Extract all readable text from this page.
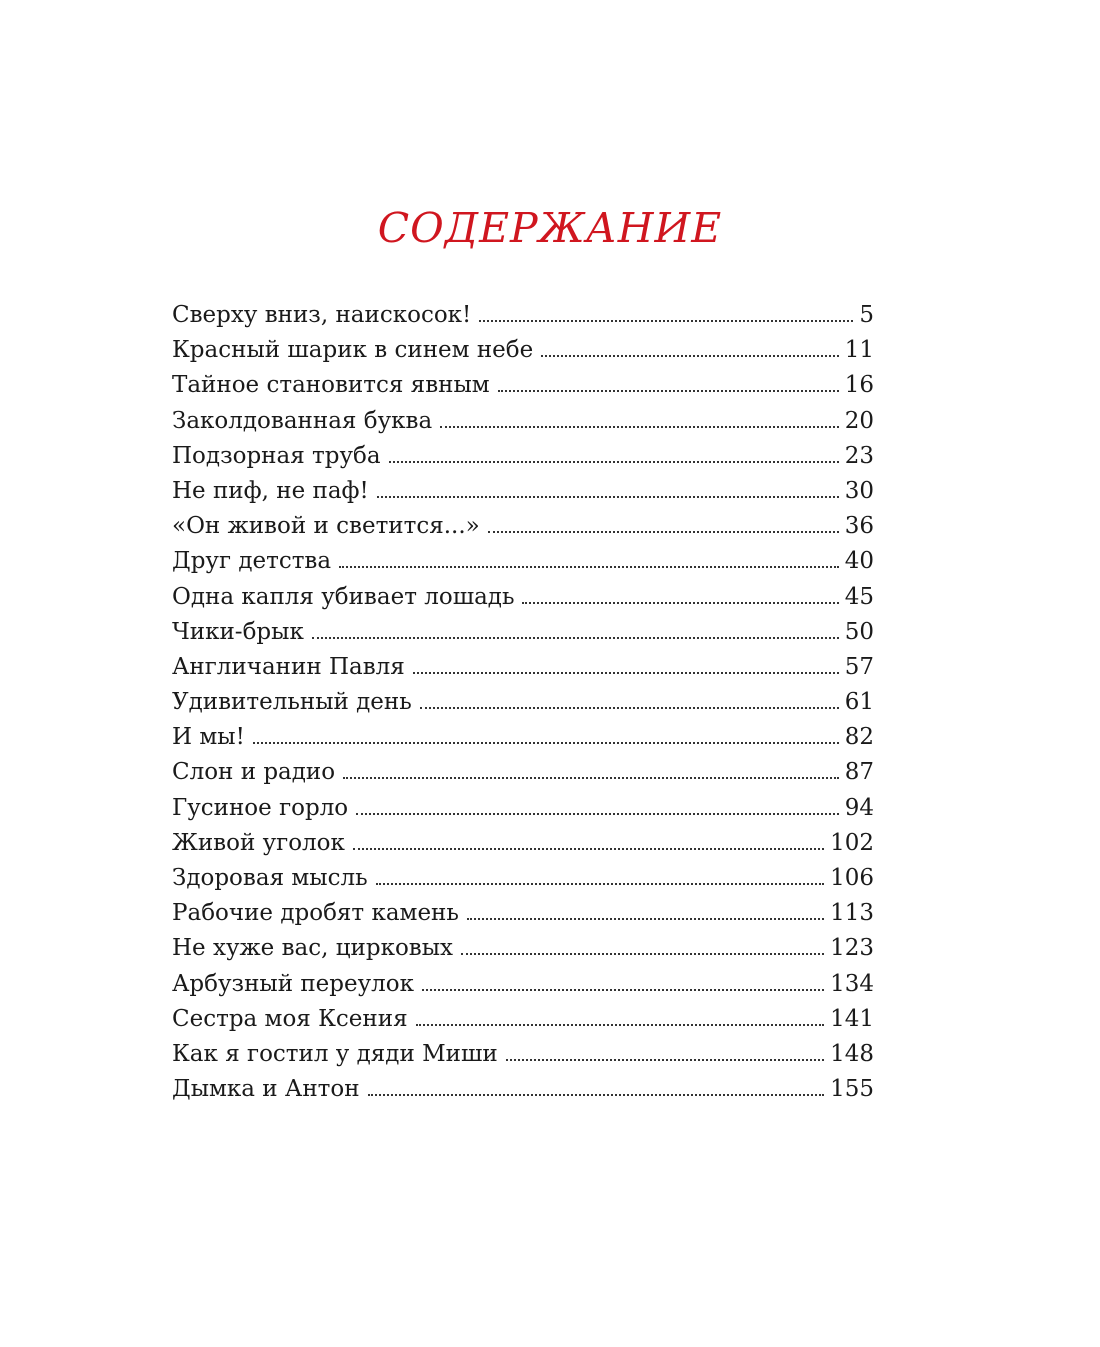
СОДЕРЖАНИЕ
Сверху вниз, наискосок!	5
Красный шарик в синем небе	11
Тайное становится явным	16
Заколдованная буква	20
Подзорная труба	23
Не пиф, не паф!	30
«Он живой и светится...»	36
Друг детства	40
Одна капля убивает лошадь	45
Чики-брык	50
Англичанин Павля	57
Удивительный день	61
И мы!	82
Слон и радио	87
Гусиное горло	94
Живой уголок	102
Здоровая мысль	106
Рабочие дробят камень	113
Не хуже вас, цирковых	123
Арбузный переулок	134
Сестра моя Ксения	141
Как я гостил у дяди Миши	148
Дымка и Антон	155
